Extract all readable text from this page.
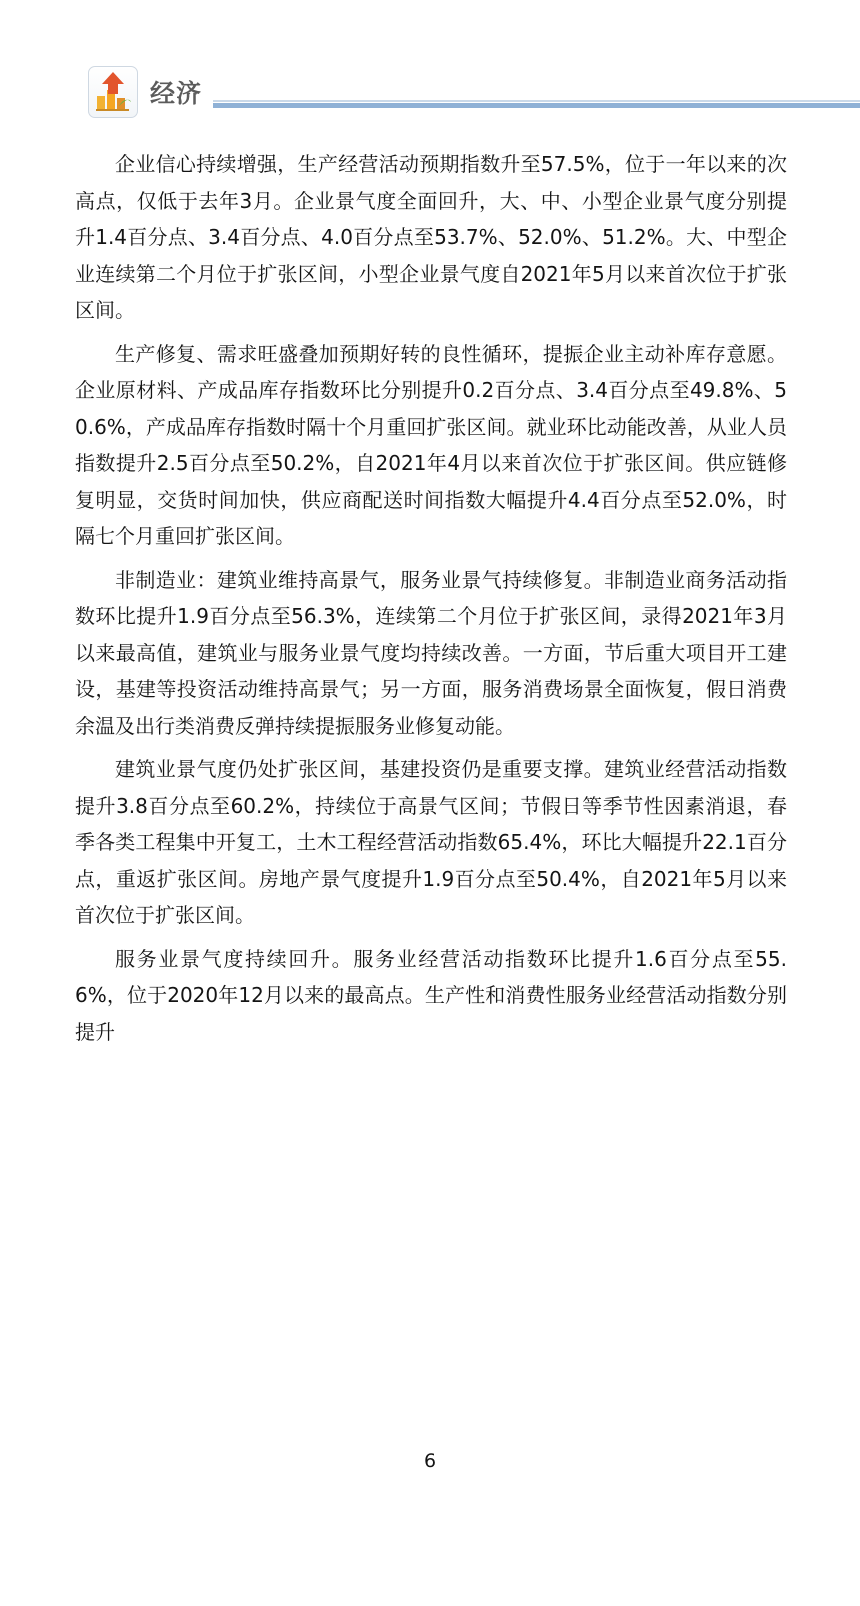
经济

企业信心持续增强，生产经营活动预期指数升至57.5%，位于一年以来的次高点，仅低于去年3月。企业景气度全面回升，大、中、小型企业景气度分别提升1.4百分点、3.4百分点、4.0百分点至53.7%、52.0%、51.2%。大、中型企业连续第二个月位于扩张区间，小型企业景气度自2021年5月以来首次位于扩张区间。

生产修复、需求旺盛叠加预期好转的良性循环，提振企业主动补库存意愿。企业原材料、产成品库存指数环比分别提升0.2百分点、3.4百分点至49.8%、50.6%，产成品库存指数时隔十个月重回扩张区间。就业环比动能改善，从业人员指数提升2.5百分点至50.2%，自2021年4月以来首次位于扩张区间。供应链修复明显，交货时间加快，供应商配送时间指数大幅提升4.4百分点至52.0%，时隔七个月重回扩张区间。

非制造业：建筑业维持高景气，服务业景气持续修复。非制造业商务活动指数环比提升1.9百分点至56.3%，连续第二个月位于扩张区间，录得2021年3月以来最高值，建筑业与服务业景气度均持续改善。一方面，节后重大项目开工建设，基建等投资活动维持高景气；另一方面，服务消费场景全面恢复，假日消费余温及出行类消费反弹持续提振服务业修复动能。

建筑业景气度仍处扩张区间，基建投资仍是重要支撑。建筑业经营活动指数提升3.8百分点至60.2%，持续位于高景气区间；节假日等季节性因素消退，春季各类工程集中开复工，土木工程经营活动指数65.4%，环比大幅提升22.1百分点，重返扩张区间。房地产景气度提升1.9百分点至50.4%，自2021年5月以来首次位于扩张区间。

服务业景气度持续回升。服务业经营活动指数环比提升1.6百分点至55.6%，位于2020年12月以来的最高点。生产性和消费性服务业经营活动指数分别提升

6
